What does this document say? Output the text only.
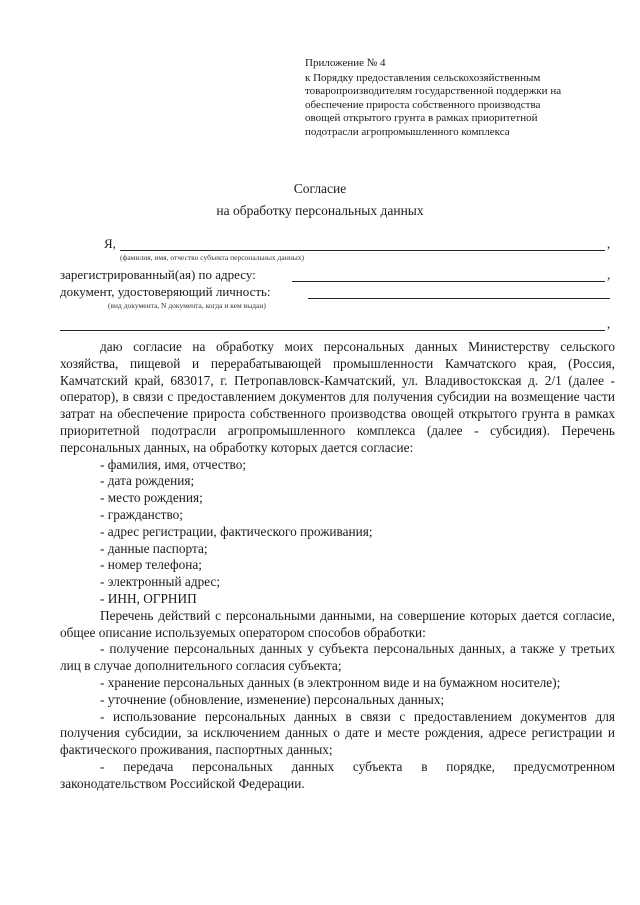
Приложение № 4
к Порядку предоставления сельскохозяйственным
товаропроизводителям государственной поддержки на
обеспечение прироста собственного производства
овощей открытого грунта в рамках приоритетной
подотрасли агропромышленного комплекса
Согласие
на обработку персональных данных
Я,	,
(фамилия, имя, отчество субъекта персональных данных)
зарегистрированный(ая) по адресу:	,
документ, удостоверяющий личность:
(вид документа, N документа, когда и кем выдан)
,

даю согласие на обработку моих персональных данных Министерству сельского хозяйства, пищевой и перерабатывающей промышленности Камчатского края, (Россия, Камчатский край, 683017, г. Петропавловск-Камчатский, ул. Владивостокская д. 2/1 (далее - оператор), в связи с предоставлением документов для получения субсидии на возмещение части затрат на обеспечение прироста собственного производства овощей открытого грунта в рамках приоритетной подотрасли агропромышленного комплекса (далее - субсидия). Перечень персональных данных, на обработку которых дается согласие:

- фамилия, имя, отчество;

- дата рождения;

- место рождения;

- гражданство;

- адрес регистрации, фактического проживания;

- данные паспорта;

- номер телефона;

- электронный адрес;

- ИНН, ОГРНИП

Перечень действий с персональными данными, на совершение которых дается согласие, общее описание используемых оператором способов обработки:

- получение персональных данных у субъекта персональных данных, а также у третьих лиц в случае дополнительного согласия субъекта;

- хранение персональных данных (в электронном виде и на бумажном носителе);

- уточнение (обновление, изменение) персональных данных;

- использование персональных данных в связи с предоставлением документов для получения субсидии, за исключением данных о дате и месте рождения, адресе регистрации и фактического проживания, паспортных данных;

- передача персональных данных субъекта в порядке, предусмотренном законодательством Российской Федерации.
